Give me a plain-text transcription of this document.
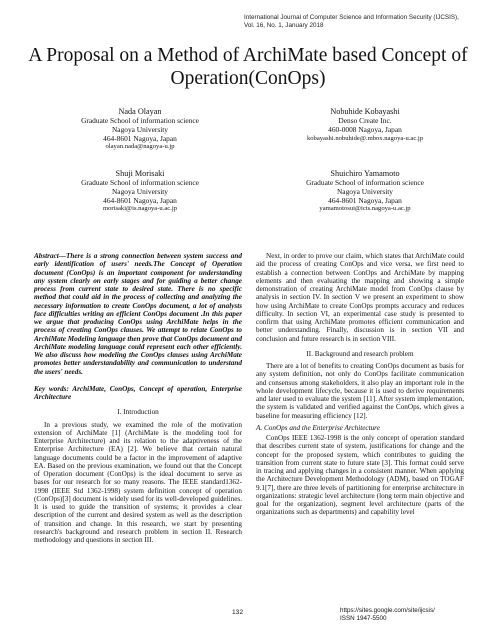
International Journal of Computer Science and Information Security (IJCSIS),
Vol. 16, No. 1, January 2018
A Proposal on a Method of ArchiMate based Concept of Operation(ConOps)
Nada Olayan
Graduate School of information science
Nagoya University
464-8601 Nagoya, Japan
olayan.nada@nagoya-u.jp
Nobuhide Kobayashi
Denso Create Inc.
460-0008 Nagoya, Japan
kobayashi.nobuhide@.mbox.nagoya-u.ac.jp
Shuji Morisaki
Graduate School of information science
Nagoya University
464-8601 Nagoya, Japan
morisaki@is.nagoya-u.ac.jp
Shuichiro Yamamoto
Graduate School of information science
Nagoya University
464-8601 Nagoya, Japan
yamamotosui@icts.nagoya-u.ac.jp
Abstract—There is a strong connection between system success and early identification of users' needs.The Concept of Operation document (ConOps) is an important component for understanding any system clearly on early stages and for guiding a better change process from current state to desired state. There is no specific method that could aid in the process of collecting and analyzing the necessary information to create ConOps document, a lot of analysts face difficulties writing an efficient ConOps document .In this paper we argue that producing ConOps using ArchiMate helps in the process of creating ConOps clauses. We attempt to relate ConOps to ArchiMate Modeling language then prove that ConOps document and ArchiMate modeling language could represent each other efficiently. We also discuss how modeling the ConOps clauses using ArchiMate promotes better understandability and communication to understand the users' needs.
Key words: ArchiMate, ConOps, Concept of operation, Enterprise Architecture
I. Introduction

In a previous study, we examined the role of the motivation extension of ArchiMate [1] (ArchiMate is the modeling tool for Enterprise Architecture) and its relation to the adaptiveness of the Enterprise Architecture (EA) [2]. We believe that certain natural language documents could be a factor in the improvement of adaptive EA. Based on the previous examination, we found out that the Concept of Operation document (ConOps) is the ideal document to serve as bases for our research for so many reasons. The IEEE standard1362-1998 (IEEE Std 1362-1998) system definition concept of operation (ConOps)[3] document is widely used for its well-developed guidelines. It is used to guide the transition of systems; it provides a clear description of the current and desired system as well as the description of transition and change. In this research, we start by presenting research's background and research problem in section II. Research methodology and questions in section III.

Next, in order to prove our claim, which states that ArchiMate could aid the process of creating ConOps and vice versa, we first need to establish a connection between ConOps and ArchiMate by mapping elements and then evaluating the mapping and showing a simple demonstration of creating ArchiMate model from ConOps clause by analysis in section IV. In section V we present an experiment to show how using ArchiMate to create ConOps prompts accuracy and reduces difficulty. In section VI, an experimental case study is presented to confirm that using ArchiMate promotes efficient communication and better understanding. Finally, discussion is in section VII and conclusion and future research is in section VIII.

II. Background and research problem

There are a lot of benefits to creating ConOps document as basis for any system definition, not only do ConOps facilitate communication and consensus among stakeholders, it also play an important role in the whole development lifecycle, because it is used to derive requirements and later used to evaluate the system [11]. After system implementation, the system is validated and verified against the ConOps, which gives a baseline for measuring efficiency [12].

A. ConOps and the Enterprise Architecture

ConOps IEEE 1362-1998 is the only concept of operation standard that describes current state of system, justifications for change and the concept for the proposed system, which contributes to guiding the transition from current state to future state [3]. This format could serve in tracing and applying changes in a consistent manner. When applying the Architecture Development Methodology (ADM), based on TOGAF 9.1[7], there are three levels of partitioning for enterprise architecture in organizations: strategic level architecture (long term main objective and goal for the organization), segment level architecture (parts of the organizations such as departments) and capability level

132	https://sites.google.com/site/ijcsis/
ISSN 1947-5500
